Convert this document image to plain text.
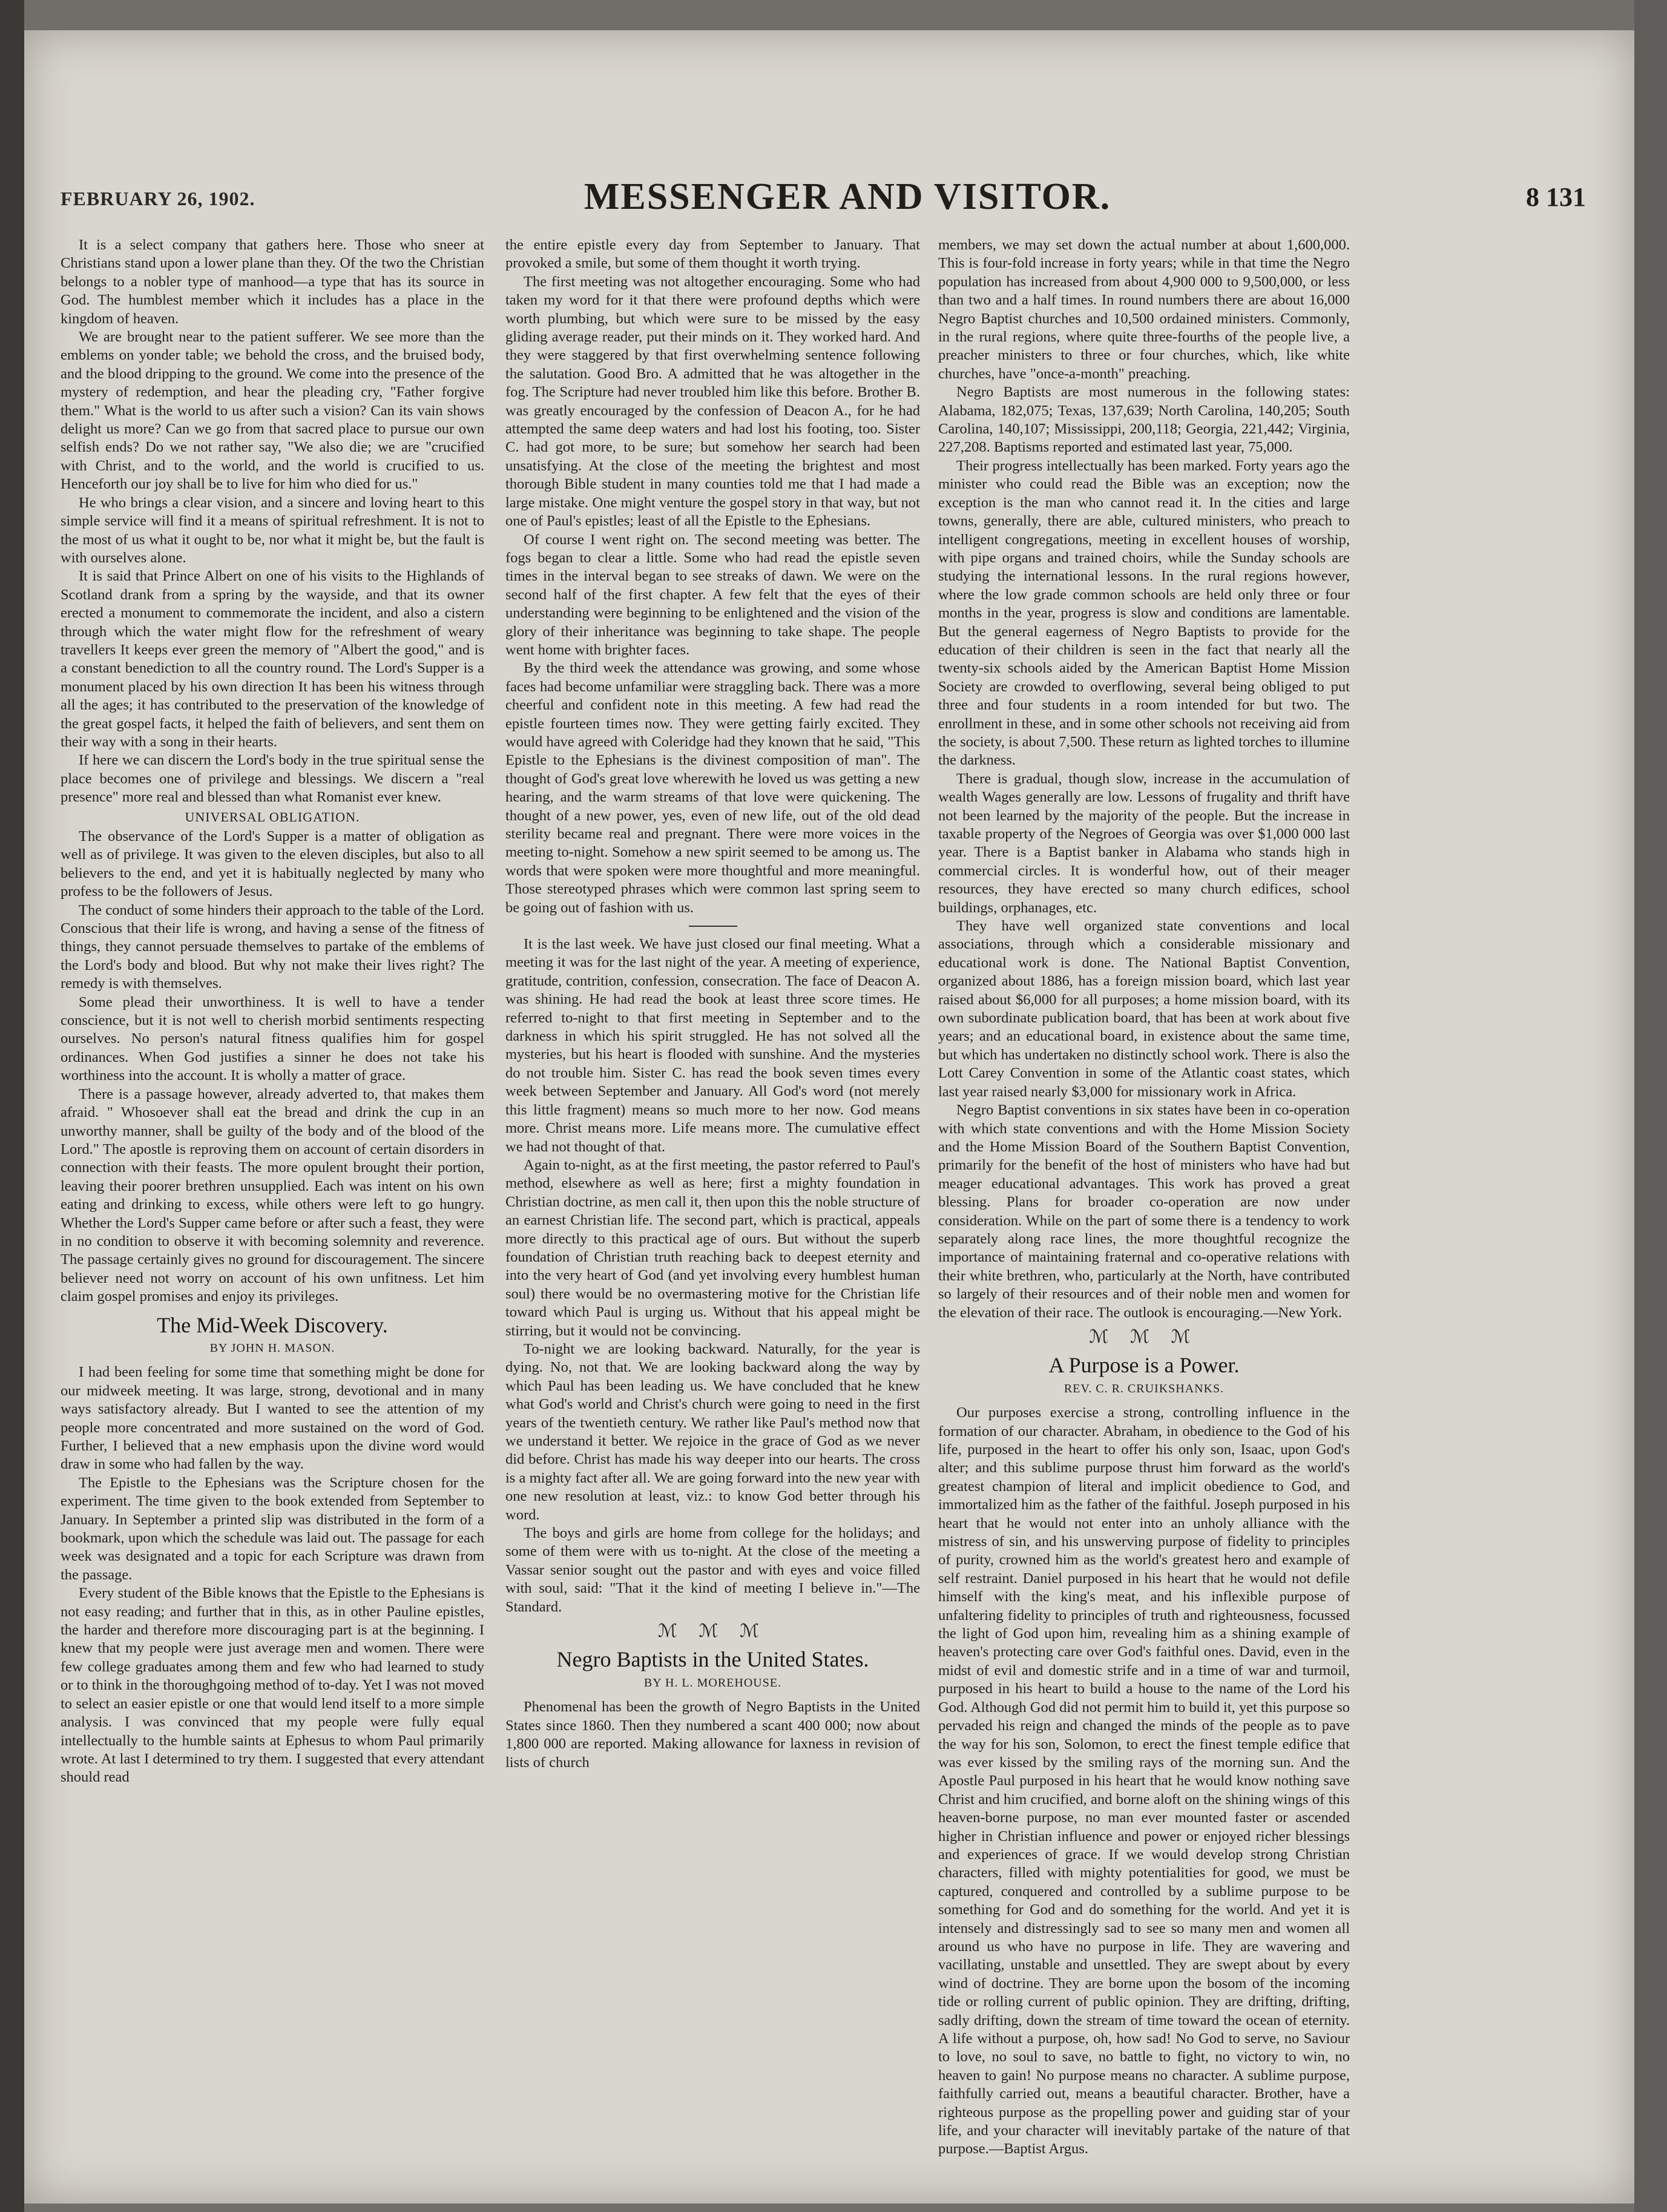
FEBRUARY 26, 1902.	MESSENGER AND VISITOR.	8 131

It is a select company that gathers here. Those who sneer at Christians stand upon a lower plane than they. Of the two the Christian belongs to a nobler type of manhood—a type that has its source in God. The humblest member which it includes has a place in the kingdom of heaven.

We are brought near to the patient sufferer. We see more than the emblems on yonder table; we behold the cross, and the bruised body, and the blood dripping to the ground. We come into the presence of the mystery of redemption, and hear the pleading cry, "Father forgive them." What is the world to us after such a vision? Can its vain shows delight us more? Can we go from that sacred place to pursue our own selfish ends? Do we not rather say, "We also die; we are "crucified with Christ, and to the world, and the world is crucified to us. Henceforth our joy shall be to live for him who died for us."

He who brings a clear vision, and a sincere and loving heart to this simple service will find it a means of spiritual refreshment. It is not to the most of us what it ought to be, nor what it might be, but the fault is with ourselves alone.

It is said that Prince Albert on one of his visits to the Highlands of Scotland drank from a spring by the wayside, and that its owner erected a monument to commemorate the incident, and also a cistern through which the water might flow for the refreshment of weary travellers It keeps ever green the memory of "Albert the good," and is a constant benediction to all the country round. The Lord's Supper is a monument placed by his own direction It has been his witness through all the ages; it has contributed to the preservation of the knowledge of the great gospel facts, it helped the faith of believers, and sent them on their way with a song in their hearts.

If here we can discern the Lord's body in the true spiritual sense the place becomes one of privilege and blessings. We discern a "real presence" more real and blessed than what Romanist ever knew.

UNIVERSAL OBLIGATION.

The observance of the Lord's Supper is a matter of obligation as well as of privilege. It was given to the eleven disciples, but also to all believers to the end, and yet it is habitually neglected by many who profess to be the followers of Jesus.

The conduct of some hinders their approach to the table of the Lord. Conscious that their life is wrong, and having a sense of the fitness of things, they cannot persuade themselves to partake of the emblems of the Lord's body and blood. But why not make their lives right? The remedy is with themselves.

Some plead their unworthiness. It is well to have a tender conscience, but it is not well to cherish morbid sentiments respecting ourselves. No person's natural fitness qualifies him for gospel ordinances. When God justifies a sinner he does not take his worthiness into the account. It is wholly a matter of grace.

There is a passage however, already adverted to, that makes them afraid. " Whosoever shall eat the bread and drink the cup in an unworthy manner, shall be guilty of the body and of the blood of the Lord." The apostle is reproving them on account of certain disorders in connection with their feasts. The more opulent brought their portion, leaving their poorer brethren unsupplied. Each was intent on his own eating and drinking to excess, while others were left to go hungry. Whether the Lord's Supper came before or after such a feast, they were in no condition to observe it with becoming solemnity and reverence. The passage certainly gives no ground for discouragement. The sincere believer need not worry on account of his own unfitness. Let him claim gospel promises and enjoy its privileges.

The Mid-Week Discovery.
BY JOHN H. MASON.

I had been feeling for some time that something might be done for our midweek meeting. It was large, strong, devotional and in many ways satisfactory already. But I wanted to see the attention of my people more concentrated and more sustained on the word of God. Further, I believed that a new emphasis upon the divine word would draw in some who had fallen by the way.

The Epistle to the Ephesians was the Scripture chosen for the experiment. The time given to the book extended from September to January. In September a printed slip was distributed in the form of a bookmark, upon which the schedule was laid out. The passage for each week was designated and a topic for each Scripture was drawn from the passage.

Every student of the Bible knows that the Epistle to the Ephesians is not easy reading; and further that in this, as in other Pauline epistles, the harder and therefore more discouraging part is at the beginning. I knew that my people were just average men and women. There were few college graduates among them and few who had learned to study or to think in the thoroughgoing method of to-day. Yet I was not moved to select an easier epistle or one that would lend itself to a more simple analysis. I was convinced that my people were fully equal intellectually to the humble saints at Ephesus to whom Paul primarily wrote. At last I determined to try them. I suggested that every attendant should read

the entire epistle every day from September to January. That provoked a smile, but some of them thought it worth trying.

The first meeting was not altogether encouraging. Some who had taken my word for it that there were profound depths which were worth plumbing, but which were sure to be missed by the easy gliding average reader, put their minds on it. They worked hard. And they were staggered by that first overwhelming sentence following the salutation. Good Bro. A admitted that he was altogether in the fog. The Scripture had never troubled him like this before. Brother B. was greatly encouraged by the confession of Deacon A., for he had attempted the same deep waters and had lost his footing, too. Sister C. had got more, to be sure; but somehow her search had been unsatisfying. At the close of the meeting the brightest and most thorough Bible student in many counties told me that I had made a large mistake. One might venture the gospel story in that way, but not one of Paul's epistles; least of all the Epistle to the Ephesians.

Of course I went right on. The second meeting was better. The fogs began to clear a little. Some who had read the epistle seven times in the interval began to see streaks of dawn. We were on the second half of the first chapter. A few felt that the eyes of their understanding were beginning to be enlightened and the vision of the glory of their inheritance was beginning to take shape. The people went home with brighter faces.

By the third week the attendance was growing, and some whose faces had become unfamiliar were straggling back. There was a more cheerful and confident note in this meeting. A few had read the epistle fourteen times now. They were getting fairly excited. They would have agreed with Coleridge had they known that he said, "This Epistle to the Ephesians is the divinest composition of man". The thought of God's great love wherewith he loved us was getting a new hearing, and the warm streams of that love were quickening. The thought of a new power, yes, even of new life, out of the old dead sterility became real and pregnant. There were more voices in the meeting to-night. Somehow a new spirit seemed to be among us. The words that were spoken were more thoughtful and more meaningful. Those stereotyped phrases which were common last spring seem to be going out of fashion with us.

It is the last week. We have just closed our final meeting. What a meeting it was for the last night of the year. A meeting of experience, gratitude, contrition, confession, consecration. The face of Deacon A. was shining. He had read the book at least three score times. He referred to-night to that first meeting in September and to the darkness in which his spirit struggled. He has not solved all the mysteries, but his heart is flooded with sunshine. And the mysteries do not trouble him. Sister C. has read the book seven times every week between September and January. All God's word (not merely this little fragment) means so much more to her now. God means more. Christ means more. Life means more. The cumulative effect we had not thought of that.

Again to-night, as at the first meeting, the pastor referred to Paul's method, elsewhere as well as here; first a mighty foundation in Christian doctrine, as men call it, then upon this the noble structure of an earnest Christian life. The second part, which is practical, appeals more directly to this practical age of ours. But without the superb foundation of Christian truth reaching back to deepest eternity and into the very heart of God (and yet involving every humblest human soul) there would be no overmastering motive for the Christian life toward which Paul is urging us. Without that his appeal might be stirring, but it would not be convincing.

To-night we are looking backward. Naturally, for the year is dying. No, not that. We are looking backward along the way by which Paul has been leading us. We have concluded that he knew what God's world and Christ's church were going to need in the first years of the twentieth century. We rather like Paul's method now that we understand it better. We rejoice in the grace of God as we never did before. Christ has made his way deeper into our hearts. The cross is a mighty fact after all. We are going forward into the new year with one new resolution at least, viz.: to know God better through his word.

The boys and girls are home from college for the holidays; and some of them were with us to-night. At the close of the meeting a Vassar senior sought out the pastor and with eyes and voice filled with soul, said: "That it the kind of meeting I believe in."—The Standard.

ℳ ℳ ℳ
Negro Baptists in the United States.
BY H. L. MOREHOUSE.

Phenomenal has been the growth of Negro Baptists in the United States since 1860. Then they numbered a scant 400 000; now about 1,800 000 are reported. Making allowance for laxness in revision of lists of church

members, we may set down the actual number at about 1,600,000. This is four-fold increase in forty years; while in that time the Negro population has increased from about 4,900 000 to 9,500,000, or less than two and a half times. In round numbers there are about 16,000 Negro Baptist churches and 10,500 ordained ministers. Commonly, in the rural regions, where quite three-fourths of the people live, a preacher ministers to three or four churches, which, like white churches, have "once-a-month" preaching.

Negro Baptists are most numerous in the following states: Alabama, 182,075; Texas, 137,639; North Carolina, 140,205; South Carolina, 140,107; Mississippi, 200,118; Georgia, 221,442; Virginia, 227,208. Baptisms reported and estimated last year, 75,000.

Their progress intellectually has been marked. Forty years ago the minister who could read the Bible was an exception; now the exception is the man who cannot read it. In the cities and large towns, generally, there are able, cultured ministers, who preach to intelligent congregations, meeting in excellent houses of worship, with pipe organs and trained choirs, while the Sunday schools are studying the international lessons. In the rural regions however, where the low grade common schools are held only three or four months in the year, progress is slow and conditions are lamentable. But the general eagerness of Negro Baptists to provide for the education of their children is seen in the fact that nearly all the twenty-six schools aided by the American Baptist Home Mission Society are crowded to overflowing, several being obliged to put three and four students in a room intended for but two. The enrollment in these, and in some other schools not receiving aid from the society, is about 7,500. These return as lighted torches to illumine the darkness.

There is gradual, though slow, increase in the accumulation of wealth Wages generally are low. Lessons of frugality and thrift have not been learned by the majority of the people. But the increase in taxable property of the Negroes of Georgia was over $1,000 000 last year. There is a Baptist banker in Alabama who stands high in commercial circles. It is wonderful how, out of their meager resources, they have erected so many church edifices, school buildings, orphanages, etc.

They have well organized state conventions and local associations, through which a considerable missionary and educational work is done. The National Baptist Convention, organized about 1886, has a foreign mission board, which last year raised about $6,000 for all purposes; a home mission board, with its own subordinate publication board, that has been at work about five years; and an educational board, in existence about the same time, but which has undertaken no distinctly school work. There is also the Lott Carey Convention in some of the Atlantic coast states, which last year raised nearly $3,000 for missionary work in Africa.

Negro Baptist conventions in six states have been in co-operation with which state conventions and with the Home Mission Society and the Home Mission Board of the Southern Baptist Convention, primarily for the benefit of the host of ministers who have had but meager educational advantages. This work has proved a great blessing. Plans for broader co-operation are now under consideration. While on the part of some there is a tendency to work separately along race lines, the more thoughtful recognize the importance of maintaining fraternal and co-operative relations with their white brethren, who, particularly at the North, have contributed so largely of their resources and of their noble men and women for the elevation of their race. The outlook is encouraging.—New York.

ℳ ℳ ℳ
A Purpose is a Power.
REV. C. R. CRUIKSHANKS.

Our purposes exercise a strong, controlling influence in the formation of our character. Abraham, in obedience to the God of his life, purposed in the heart to offer his only son, Isaac, upon God's alter; and this sublime purpose thrust him forward as the world's greatest champion of literal and implicit obedience to God, and immortalized him as the father of the faithful. Joseph purposed in his heart that he would not enter into an unholy alliance with the mistress of sin, and his unswerving purpose of fidelity to principles of purity, crowned him as the world's greatest hero and example of self restraint. Daniel purposed in his heart that he would not defile himself with the king's meat, and his inflexible purpose of unfaltering fidelity to principles of truth and righteousness, focussed the light of God upon him, revealing him as a shining example of heaven's protecting care over God's faithful ones. David, even in the midst of evil and domestic strife and in a time of war and turmoil, purposed in his heart to build a house to the name of the Lord his God. Although God did not permit him to build it, yet this purpose so pervaded his reign and changed the minds of the people as to pave the way for his son, Solomon, to erect the finest temple edifice that was ever kissed by the smiling rays of the morning sun. And the Apostle Paul purposed in his heart that he would know nothing save Christ and him crucified, and borne aloft on the shining wings of this heaven-borne purpose, no man ever mounted faster or ascended higher in Christian influence and power or enjoyed richer blessings and experiences of grace. If we would develop strong Christian characters, filled with mighty potentialities for good, we must be captured, conquered and controlled by a sublime purpose to be something for God and do something for the world. And yet it is intensely and distressingly sad to see so many men and women all around us who have no purpose in life. They are wavering and vacillating, unstable and unsettled. They are swept about by every wind of doctrine. They are borne upon the bosom of the incoming tide or rolling current of public opinion. They are drifting, drifting, sadly drifting, down the stream of time toward the ocean of eternity. A life without a purpose, oh, how sad! No God to serve, no Saviour to love, no soul to save, no battle to fight, no victory to win, no heaven to gain! No purpose means no character. A sublime purpose, faithfully carried out, means a beautiful character. Brother, have a righteous purpose as the propelling power and guiding star of your life, and your character will inevitably partake of the nature of that purpose.—Baptist Argus.
